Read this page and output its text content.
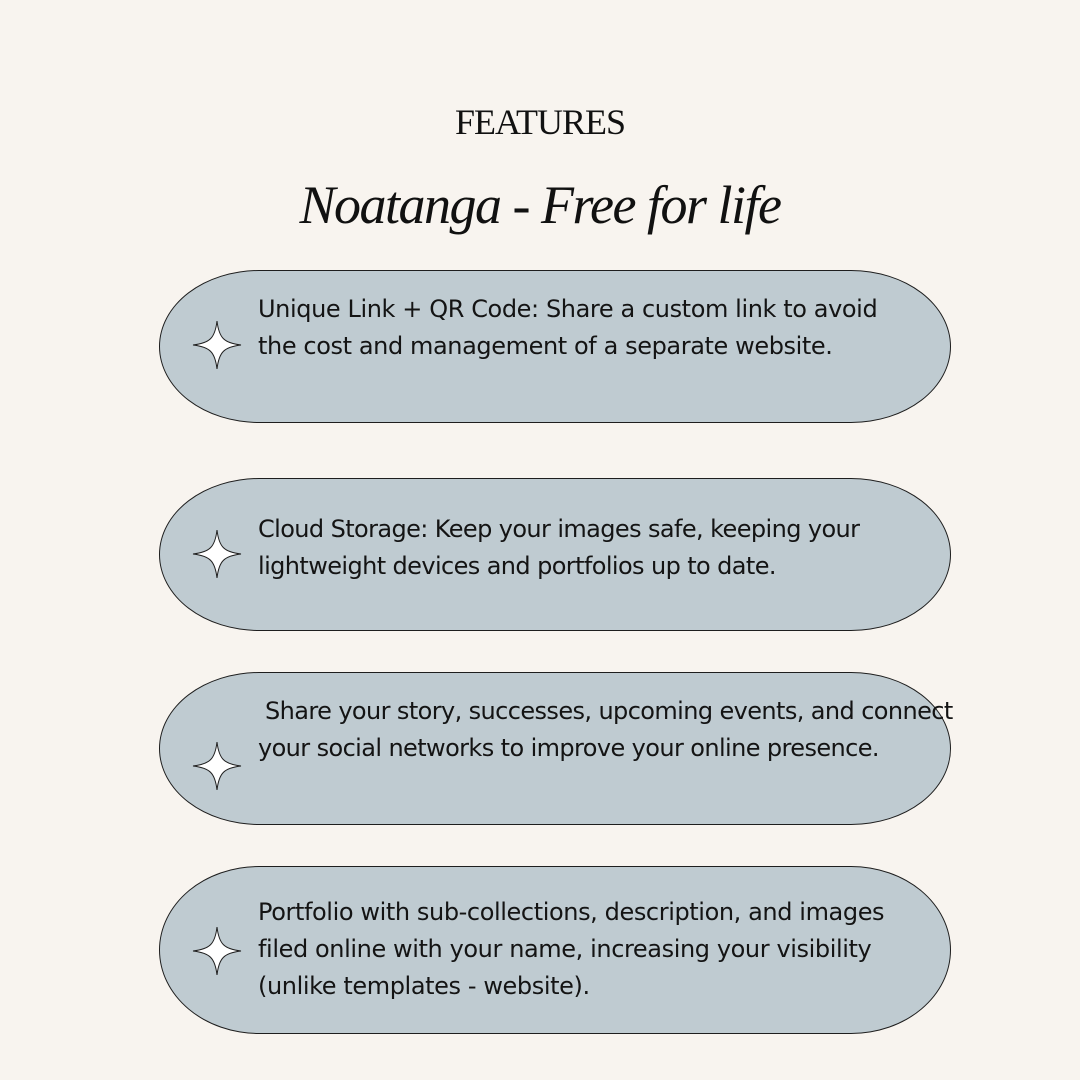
FEATURES
Noatanga - Free for life
Unique Link + QR Code: Share a custom link to avoid the cost and management of a separate website.
Cloud Storage: Keep your images safe, keeping your lightweight devices and portfolios up to date.
Share your story, successes, upcoming events, and connect your social networks to improve your online presence.
Portfolio with sub-collections, description, and images filed online with your name, increasing your visibility (unlike templates - website).
